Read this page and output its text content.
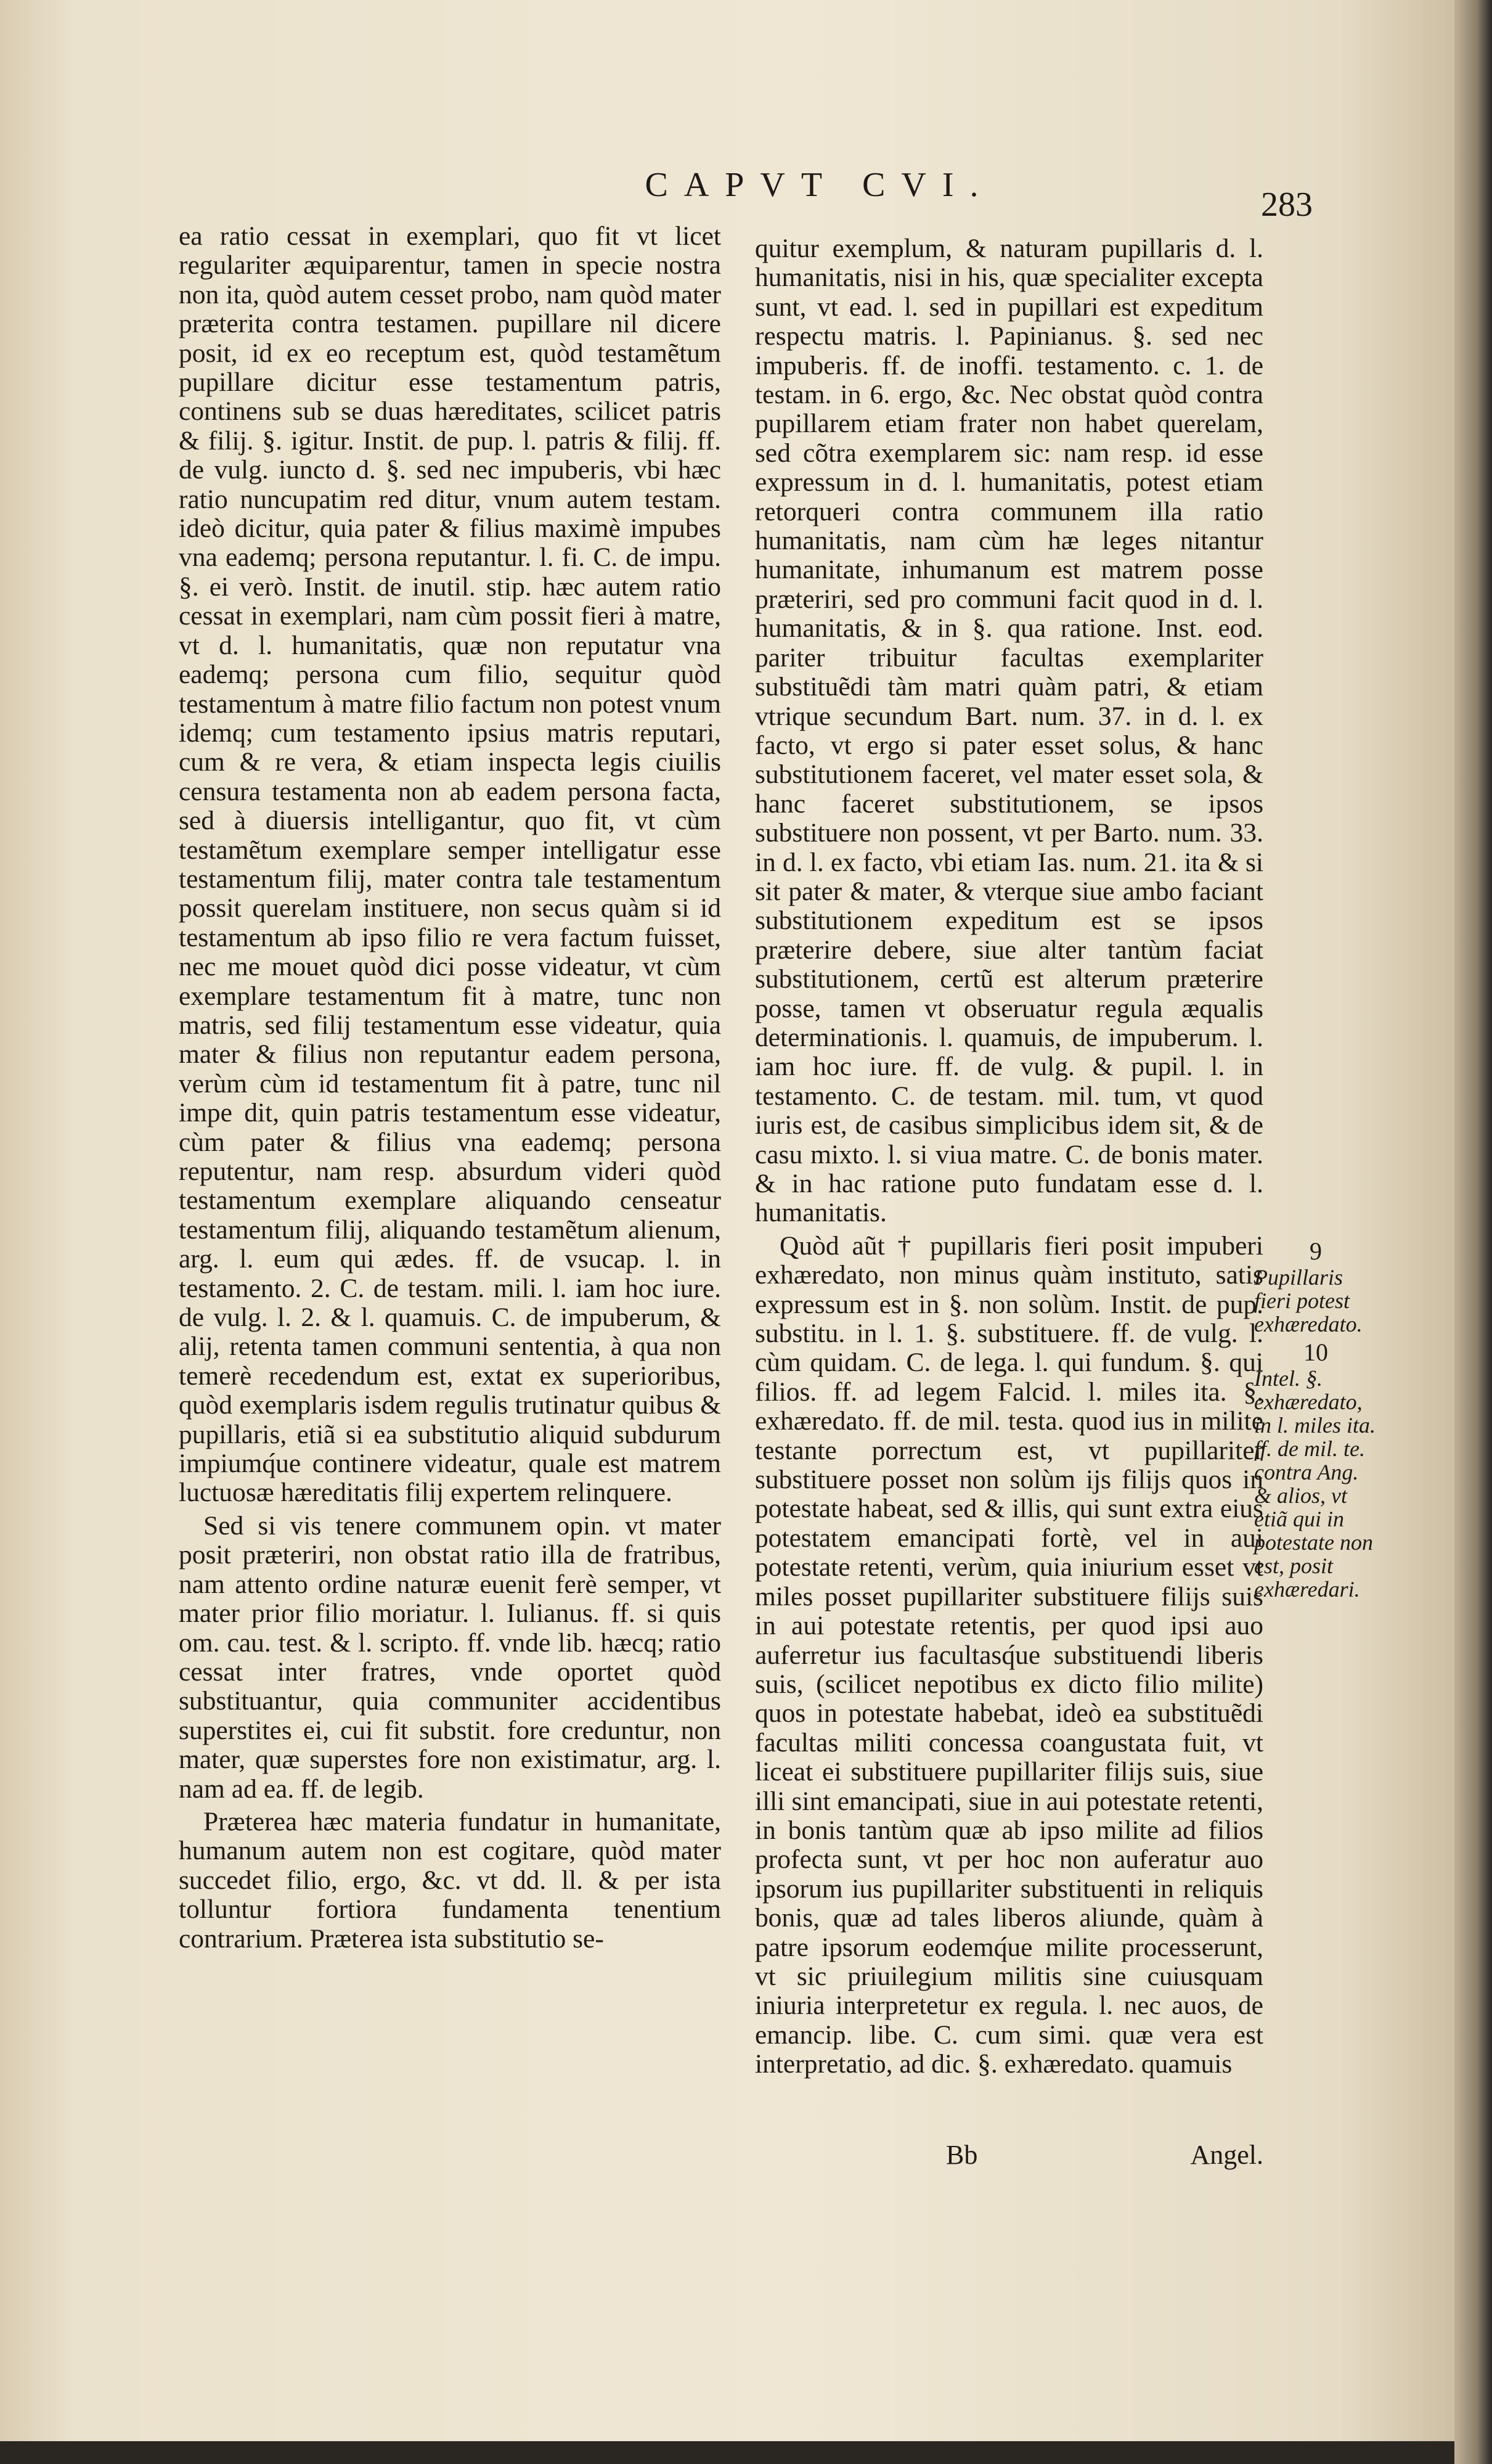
CAPVT CVI.
283

ea ratio cessat in exemplari, quo fit vt licet regulariter æquiparentur, tamen in specie nostra non ita, quòd autem cesset probo, nam quòd mater præterita contra testamen. pupillare nil dicere posit, id ex eo receptum est, quòd testamẽtum pupillare dicitur esse testamentum patris, continens sub se duas hæreditates, scilicet patris & filij. §. igitur. Instit. de pup. l. patris & filij. ff. de vulg. iuncto d. §. sed nec impuberis, vbi hæc ratio nuncupatim red ditur, vnum autem testam. ideò dicitur, quia pater & filius maximè impubes vna eademq; persona reputantur. l. fi. C. de impu. §. ei verò. Instit. de inutil. stip. hæc autem ratio cessat in exemplari, nam cùm possit fieri à matre, vt d. l. humanitatis, quæ non reputatur vna eademq; persona cum filio, sequitur quòd testamentum à matre filio factum non potest vnum idemq; cum testamento ipsius matris reputari, cum & re vera, & etiam inspecta legis ciuilis censura testamenta non ab eadem persona facta, sed à diuersis intelligantur, quo fit, vt cùm testamẽtum exemplare semper intelligatur esse testamentum filij, mater contra tale testamentum possit querelam instituere, non secus quàm si id testamentum ab ipso filio re vera factum fuisset, nec me mouet quòd dici posse videatur, vt cùm exemplare testamentum fit à matre, tunc non matris, sed filij testamentum esse videatur, quia mater & filius non reputantur eadem persona, verùm cùm id testamentum fit à patre, tunc nil impe dit, quin patris testamentum esse videatur, cùm pater & filius vna eademq; persona reputentur, nam resp. absurdum videri quòd testamentum exemplare aliquando censeatur testamentum filij, aliquando testamẽtum alienum, arg. l. eum qui ædes. ff. de vsucap. l. in testamento. 2. C. de testam. mili. l. iam hoc iure. de vulg. l. 2. & l. quamuis. C. de impuberum, & alij, retenta tamen communi sententia, à qua non temerè recedendum est, extat ex superioribus, quòd exemplaris isdem regulis trutinatur quibus & pupillaris, etiã si ea substitutio aliquid subdurum impiumq́ue continere videatur, quale est matrem luctuosæ hæreditatis filij expertem relinquere.

Sed si vis tenere communem opin. vt mater posit præteriri, non obstat ratio illa de fratribus, nam attento ordine naturæ euenit ferè semper, vt mater prior filio moriatur. l. Iulianus. ff. si quis om. cau. test. & l. scripto. ff. vnde lib. hæcq; ratio cessat inter fratres, vnde oportet quòd substituantur, quia communiter accidentibus superstites ei, cui fit substit. fore creduntur, non mater, quæ superstes fore non existimatur, arg. l. nam ad ea. ff. de legib.

Præterea hæc materia fundatur in humanitate, humanum autem non est cogitare, quòd mater succedet filio, ergo, &c. vt dd. ll. & per ista tolluntur fortiora fundamenta tenentium contrarium. Præterea ista substitutio se-

quitur exemplum, & naturam pupillaris d. l. humanitatis, nisi in his, quæ specialiter excepta sunt, vt ead. l. sed in pupillari est expeditum respectu matris. l. Papinianus. §. sed nec impuberis. ff. de inoffi. testamento. c. 1. de testam. in 6. ergo, &c. Nec obstat quòd contra pupillarem etiam frater non habet querelam, sed cõtra exemplarem sic: nam resp. id esse expressum in d. l. humanitatis, potest etiam retorqueri contra communem illa ratio humanitatis, nam cùm hæ leges nitantur humanitate, inhumanum est matrem posse præteriri, sed pro communi facit quod in d. l. humanitatis, & in §. qua ratione. Inst. eod. pariter tribuitur facultas exemplariter substituẽdi tàm matri quàm patri, & etiam vtrique secundum Bart. num. 37. in d. l. ex facto, vt ergo si pater esset solus, & hanc substitutionem faceret, vel mater esset sola, & hanc faceret substitutionem, se ipsos substituere non possent, vt per Barto. num. 33. in d. l. ex facto, vbi etiam Ias. num. 21. ita & si sit pater & mater, & vterque siue ambo faciant substitutionem expeditum est se ipsos præterire debere, siue alter tantùm faciat substitutionem, certũ est alterum præterire posse, tamen vt obseruatur regula æqualis determinationis. l. quamuis, de impuberum. l. iam hoc iure. ff. de vulg. & pupil. l. in testamento. C. de testam. mil. tum, vt quod iuris est, de casibus simplicibus idem sit, & de casu mixto. l. si viua matre. C. de bonis mater. & in hac ratione puto fundatam esse d. l. humanitatis.

Quòd aũt † pupillaris fieri posit impuberi exhæredato, non minus quàm instituto, satis expressum est in §. non solùm. Instit. de pup. substitu. in l. 1. §. substituere. ff. de vulg. l. cùm quidam. C. de lega. l. qui fundum. §. qui filios. ff. ad legem Falcid. l. miles ita. §. exhæredato. ff. de mil. testa. quod ius in milite testante porrectum est, vt pupillariter substituere posset non solùm ijs filijs quos in potestate habeat, sed & illis, qui sunt extra eius potestatem emancipati fortè, vel in aui potestate retenti, verùm, quia iniurium esset vt miles posset pupillariter substituere filijs suis in aui potestate retentis, per quod ipsi auo auferretur ius facultasq́ue substituendi liberis suis, (scilicet nepotibus ex dicto filio milite) quos in potestate habebat, ideò ea substituẽdi facultas militi concessa coangustata fuit, vt liceat ei substituere pupillariter filijs suis, siue illi sint emancipati, siue in aui potestate retenti, in bonis tantùm quæ ab ipso milite ad filios profecta sunt, vt per hoc non auferatur auo ipsorum ius pupillariter substituenti in reliquis bonis, quæ ad tales liberos aliunde, quàm à patre ipsorum eodemq́ue milite processerunt, vt sic priuilegium militis sine cuiusquam iniuria interpretetur ex regula. l. nec auos, de emancip. libe. C. cum simi. quæ vera est interpretatio, ad dic. §. exhæredato. quamuis

9
Pupillaris fieri potest exhæredato.
10
Intel. §. exhæredato, in l. miles ita. ff. de mil. te. contra Ang. & alios, vt etiã qui in potestate non est, posit exhæredari.
Bb	Angel.
